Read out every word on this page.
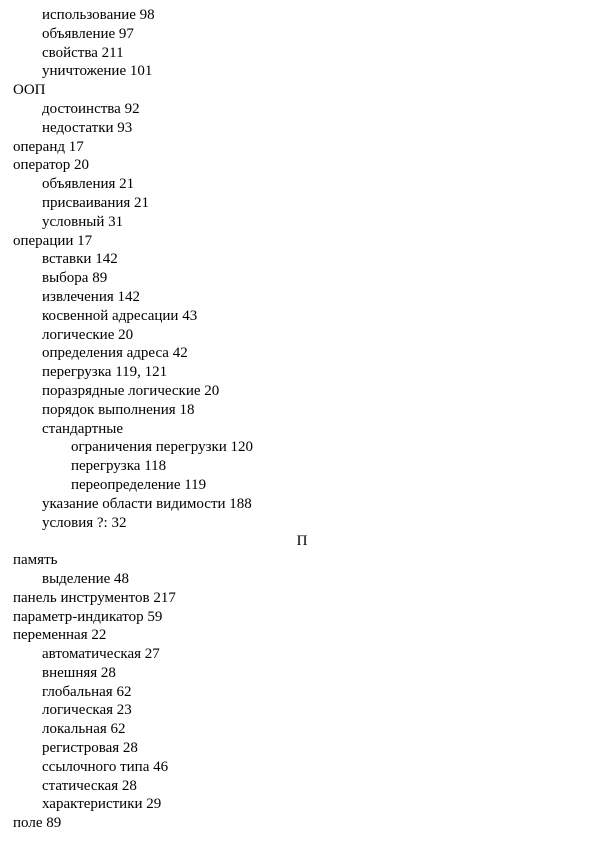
использование 98
объявление 97
свойства 211
уничтожение 101
ООП
достоинства 92
недостатки 93
операнд 17
оператор 20
объявления 21
присваивания 21
условный 31
операции 17
вставки 142
выбора 89
извлечения 142
косвенной адресации 43
логические 20
определения адреса 42
перегрузка 119, 121
поразрядные логические 20
порядок выполнения 18
стандартные
ограничения перегрузки 120
перегрузка 118
переопределение 119
указание области видимости 188
условия ?: 32
П
память
выделение 48
панель инструментов 217
параметр-индикатор 59
переменная 22
автоматическая 27
внешняя 28
глобальная 62
логическая 23
локальная 62
регистровая 28
ссылочного типа 46
статическая 28
характеристики 29
поле 89
